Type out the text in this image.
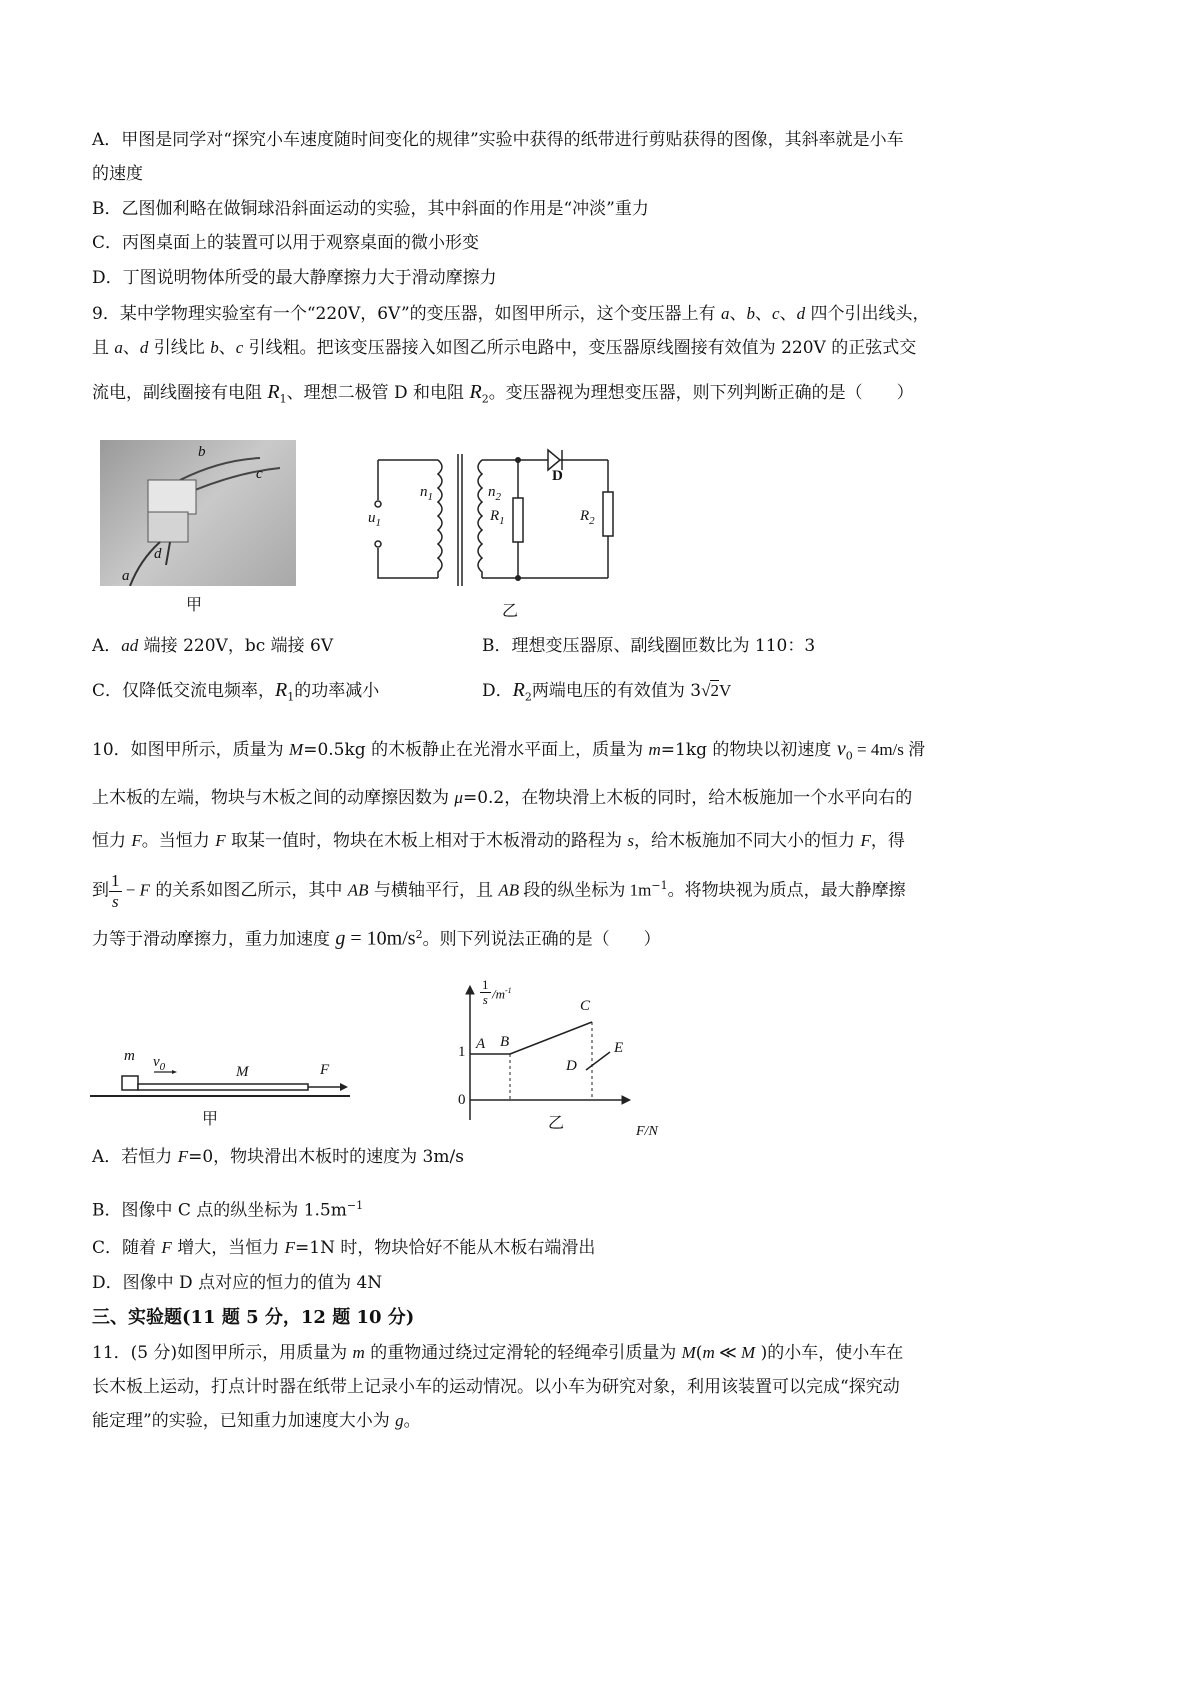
A．甲图是同学对“探究小车速度随时间变化的规律”实验中获得的纸带进行剪贴获得的图像，其斜率就是小车
的速度
B．乙图伽利略在做铜球沿斜面运动的实验，其中斜面的作用是“冲淡”重力
C．丙图桌面上的装置可以用于观察桌面的微小形变
D．丁图说明物体所受的最大静摩擦力大于滑动摩擦力
9．某中学物理实验室有一个“220V，6V”的变压器，如图甲所示，这个变压器上有 a、b、c、d 四个引出线头，
且 a、d 引线比 b、c 引线粗。把该变压器接入如图乙所示电路中，变压器原线圈接有效值为 220V 的正弦式交
流电，副线圈接有电阻 $R_1$、理想二极管 D 和电阻 $R_2$。变压器视为理想变压器，则下列判断正确的是（　　）
b
c
d
a
甲
$u_1$
$n_1$	$n_2$
$R_1$	$R_2$
D
乙
A．ad 端接 220V，bc 端接 6V	B．理想变压器原、副线圈匝数比为 110：3
C．仅降低交流电频率，$R_1$的功率减小	D．$R_2$两端电压的有效值为 3√2V
10．如图甲所示，质量为 M=0.5kg 的木板静止在光滑水平面上，质量为 m=1kg 的物块以初速度 $v_0 = 4m/s$ 滑
上木板的左端，物块与木板之间的动摩擦因数为 μ=0.2，在物块滑上木板的同时，给木板施加一个水平向右的
恒力 F。当恒力 F 取某一值时，物块在木板上相对于木板滑动的路程为 s，给木板施加不同大小的恒力 F，得
到 $\frac{1}{s} - F$ 的关系如图乙所示，其中 AB 与横轴平行，且 AB 段的纵坐标为 $1m^{-1}$。将物块视为质点，最大静摩擦
力等于滑动摩擦力，重力加速度 $g = 10m/s^2$。则下列说法正确的是（　　）
m $v_0$	M	F
甲
$\frac{1}{s} /m^{-1}$
A B
C
D
E
1
0
F/N
乙
A．若恒力 F=0，物块滑出木板时的速度为 3m/s
B．图像中 C 点的纵坐标为 $1.5m^{-1}$
C．随着 F 增大，当恒力 F=1N 时，物块恰好不能从木板右端滑出
D．图像中 D 点对应的恒力的值为 4N
三、实验题(11 题 5 分，12 题 10 分)
11．(5 分)如图甲所示，用质量为 m 的重物通过绕过定滑轮的轻绳牵引质量为 M(m ≪ M )的小车，使小车在
长木板上运动，打点计时器在纸带上记录小车的运动情况。以小车为研究对象，利用该装置可以完成“探究动
能定理”的实验，已知重力加速度大小为 g。
